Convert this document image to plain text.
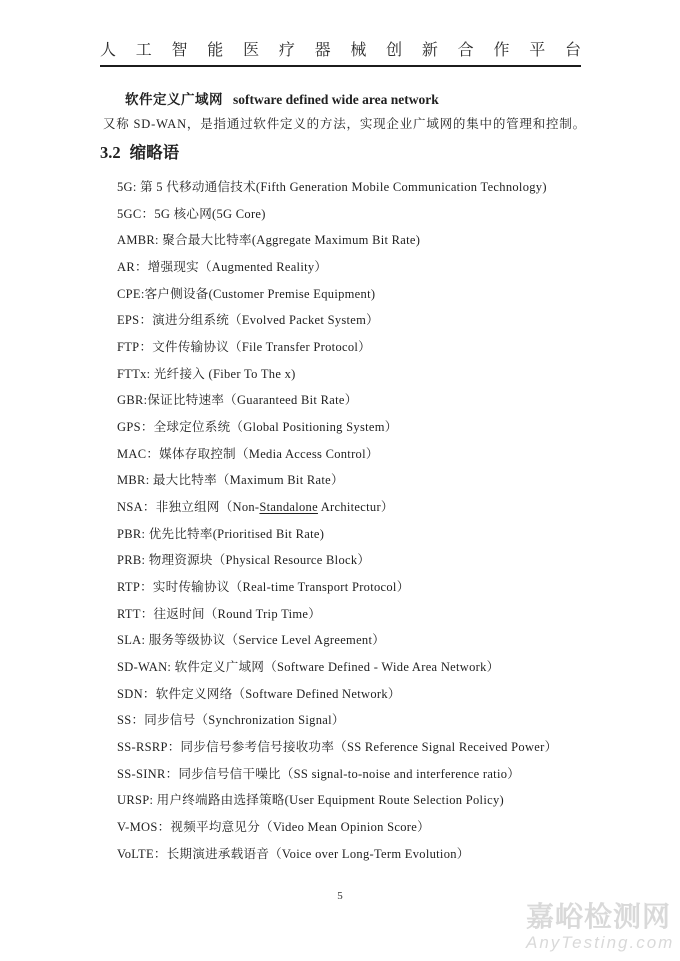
人 工 智 能 医 疗 器 械 创 新 合 作 平 台
软件定义广域网 software defined wide area network
又称 SD-WAN，是指通过软件定义的方法，实现企业广域网的集中的管理和控制。
3.2 缩略语
5G: 第 5 代移动通信技术(Fifth Generation Mobile Communication Technology)
5GC：5G 核心网(5G Core)
AMBR: 聚合最大比特率(Aggregate Maximum Bit Rate)
AR：增强现实（Augmented Reality）
CPE:客户侧设备(Customer Premise Equipment)
EPS：演进分组系统（Evolved Packet System）
FTP：文件传输协议（File Transfer Protocol）
FTTx: 光纤接入 (Fiber To The x)
GBR:保证比特速率（Guaranteed Bit Rate）
GPS：全球定位系统（Global Positioning System）
MAC：媒体存取控制（Media Access Control）
MBR: 最大比特率（Maximum Bit Rate）
NSA：非独立组网（Non-Standalone Architectur）
PBR: 优先比特率(Prioritised Bit Rate)
PRB: 物理资源块（Physical Resource Block）
RTP：实时传输协议（Real-time Transport Protocol）
RTT：往返时间（Round Trip Time）
SLA: 服务等级协议（Service Level Agreement）
SD-WAN: 软件定义广域网（Software Defined - Wide Area Network）
SDN：软件定义网络（Software Defined Network）
SS：同步信号（Synchronization Signal）
SS-RSRP：同步信号参考信号接收功率（SS Reference Signal Received Power）
SS-SINR：同步信号信干噪比（SS signal-to-noise and interference ratio）
URSP: 用户终端路由选择策略(User Equipment Route Selection Policy)
V-MOS：视频平均意见分（Video Mean Opinion Score）
VoLTE：长期演进承载语音（Voice over Long-Term Evolution）
5
嘉峪检测网
AnyTesting.com
